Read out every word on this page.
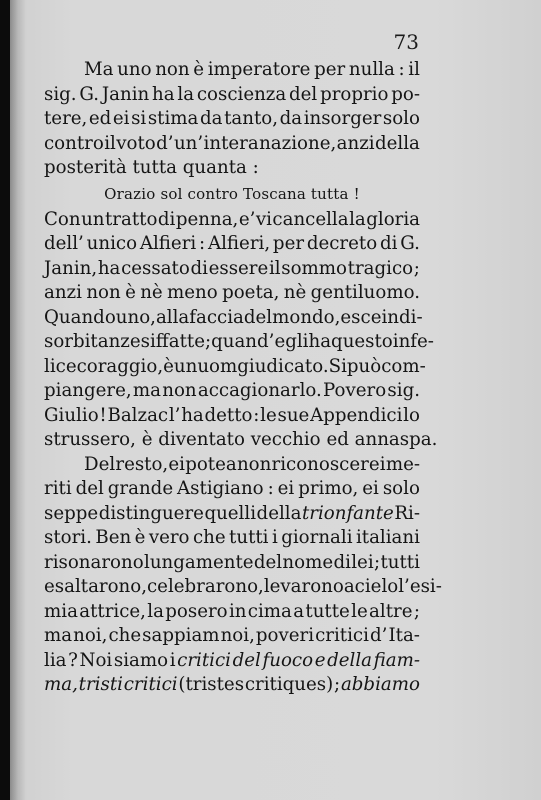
73
Ma uno non è imperatore per nulla : il
sig. G. Janin ha la coscienza del proprio po-
tere, ed ei si stima da tanto, da insorger solo
contro il voto d’ un’ intera nazione, anzi della
posterità tutta quanta :
Orazio sol contro Toscana tutta !
Con un tratto di penna, e’ vi cancella la gloria
dell’ unico Alfieri : Alfieri, per decreto di G.
Janin, ha cessato di essere il sommo tragico ;
anzi non è nè meno poeta, nè gentiluomo.
Quando uno, alla faccia del mondo, esce in di-
sorbitanze siffatte; quand’ egli ha questo infe-
lice coraggio, è un uom giudicato. Si può com-
piangere, ma non accagionarlo. Povero sig.
Giulio ! Balzac l’ ha detto : le sue Appendici lo
strussero, è diventato vecchio ed annaspa.
Del resto, ei potea non riconoscere i me-
riti del grande Astigiano : ei primo, ei solo
seppe distinguere quelli della trionfante Ri-
stori. Ben è vero che tutti i giornali italiani
risonarono lungamente del nome di lei ; tutti
esaltarono, celebrarono, levarono a cielo l’esi-
mia attrice, la posero in cima a tutte le altre ;
ma noi, che sappiam noi, poveri critici d’ Ita-
lia ? Noi siamo i critici del fuoco e della fiam-
ma, tristi critici (tristes critiques) ; abbiamo
